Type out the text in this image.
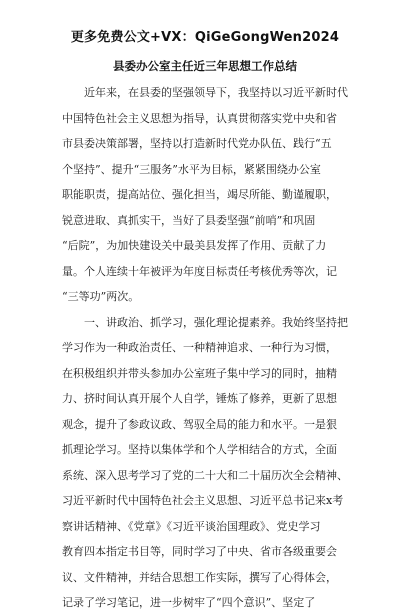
更多免费公文+VX：QiGeGongWen2024
县委办公室主任近三年思想工作总结
近年来，在县委的坚强领导下，我坚持以习近平新时代
中国特色社会主义思想为指导，认真贯彻落实党中央和省
市县委决策部署，坚持以打造新时代党办队伍、践行“五
个坚持”、提升“三服务”水平为目标，紧紧围绕办公室
职能职责，提高站位、强化担当，竭尽所能、勤谨履职，
锐意进取、真抓实干，当好了县委坚强“前哨”和巩固
“后院”，为加快建设关中最美县发挥了作用、贡献了力
量。个人连续十年被评为年度目标责任考核优秀等次，记
“三等功”两次。
一、讲政治、抓学习，强化理论提素养。我始终坚持把
学习作为一种政治责任、一种精神追求、一种行为习惯，
在积极组织并带头参加办公室班子集中学习的同时，抽精
力、挤时间认真开展个人自学，锤炼了修养，更新了思想
观念，提升了参政议政、驾驭全局的能力和水平。一是狠
抓理论学习。坚持以集体学和个人学相结合的方式，全面
系统、深入思考学习了党的二十大和二十届历次全会精神、
习近平新时代中国特色社会主义思想、习近平总书记来x考
察讲话精神、《党章》《习近平谈治国理政》、党史学习
教育四本指定书目等，同时学习了中央、省市各级重要会
议、文件精神，并结合思想工作实际，撰写了心得体会，
记录了学习笔记，进一步树牢了“四个意识”、坚定了
